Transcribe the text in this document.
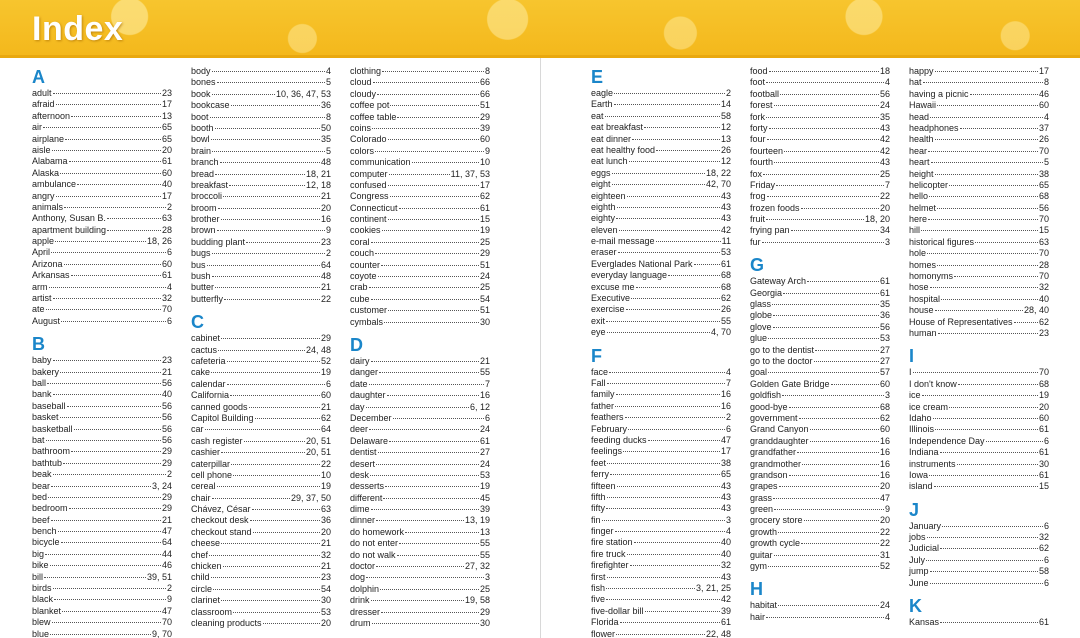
Index
A
adult	23
afraid	17
afternoon	13
air	65
airplane	65
aisle	20
Alabama	61
Alaska	60
ambulance	40
angry	17
animals	2
Anthony, Susan B.	63
apartment building	28
apple	18, 26
April	6
Arizona	60
Arkansas	61
arm	4
artist	32
ate	70
August	6
B
baby	23
bakery	21
ball	56
bank	40
baseball	56
basket	56
basketball	56
bat	56
bathroom	29
bathtub	29
beak	2
bear	3, 24
bed	29
bedroom	29
beef	21
bench	47
bicycle	64
big	44
bike	46
bill	39, 51
birds	2
black	9
blanket	47
blew	70
blue	9, 70
body	4
bones	5
book	10, 36, 47, 53
bookcase	36
boot	8
booth	50
bowl	35
brain	5
branch	48
bread	18, 21
breakfast	12, 18
broccoli	21
broom	20
brother	16
brown	9
budding plant	23
bugs	2
bus	64
bush	48
butter	21
butterfly	22
C
cabinet	29
cactus	24, 48
cafeteria	52
cake	19
calendar	6
California	60
canned goods	21
Capitol Building	62
car	64
cash register	20, 51
cashier	20, 51
caterpillar	22
cell phone	10
cereal	19
chair	29, 37, 50
Chávez, César	63
checkout desk	36
checkout stand	20
cheese	21
chef	32
chicken	21
child	23
circle	54
clarinet	30
classroom	53
cleaning products	20
clothing	8
cloud	66
cloudy	66
coffee pot	51
coffee table	29
coins	39
Colorado	60
colors	9
communication	10
computer	11, 37, 53
confused	17
Congress	62
Connecticut	61
continent	15
cookies	19
coral	25
couch	29
counter	51
coyote	24
crab	25
cube	54
customer	51
cymbals	30
D
dairy	21
danger	55
date	7
daughter	16
day	6, 12
December	6
deer	24
Delaware	61
dentist	27
desert	24
desk	53
desserts	19
different	45
dime	39
dinner	13, 19
do homework	13
do not enter	55
do not walk	55
doctor	27, 32
dog	3
dolphin	25
drink	19, 58
dresser	29
drum	30
E
eagle	2
Earth	14
eat	58
eat breakfast	12
eat dinner	13
eat healthy food	26
eat lunch	12
eggs	18, 22
eight	42, 70
eighteen	43
eighth	43
eighty	43
eleven	42
e-mail message	11
eraser	53
Everglades National Park	61
everyday language	68
excuse me	68
Executive	62
exercise	26
exit	55
eye	4, 70
F
face	4
Fall	7
family	16
father	16
feathers	2
February	6
feeding ducks	47
feelings	17
feet	38
ferry	65
fifteen	43
fifth	43
fifty	43
fin	3
finger	4
fire station	40
fire truck	40
firefighter	32
first	43
fish	3, 21, 25
five	42
five-dollar bill	39
Florida	61
flower	22, 48
food	18
foot	4
football	56
forest	24
fork	35
forty	43
four	42
fourteen	42
fourth	43
fox	25
Friday	7
frog	22
frozen foods	20
fruit	18, 20
frying pan	34
fur	3
G
Gateway Arch	61
Georgia	61
glass	35
globe	36
glove	56
glue	53
go to the dentist	27
go to the doctor	27
goal	57
Golden Gate Bridge	60
goldfish	3
good-bye	68
government	62
Grand Canyon	60
granddaughter	16
grandfather	16
grandmother	16
grandson	16
grapes	20
grass	47
green	9
grocery store	20
growth	22
growth cycle	22
guitar	31
gym	52
H
habitat	24
hair	4
happy	17
hat	8
having a picnic	46
Hawaii	60
head	4
headphones	37
health	26
hear	70
heart	5
height	38
helicopter	65
hello	68
helmet	56
here	70
hill	15
historical figures	63
hole	70
homes	28
homonyms	70
hose	32
hospital	40
house	28, 40
House of Representatives	62
human	23
I
I	70
I don't know	68
ice	19
ice cream	20
Idaho	60
Illinois	61
Independence Day	6
Indiana	61
instruments	30
Iowa	61
island	15
J
January	6
jobs	32
Judicial	62
July	6
jump	58
June	6
K
Kansas	61
